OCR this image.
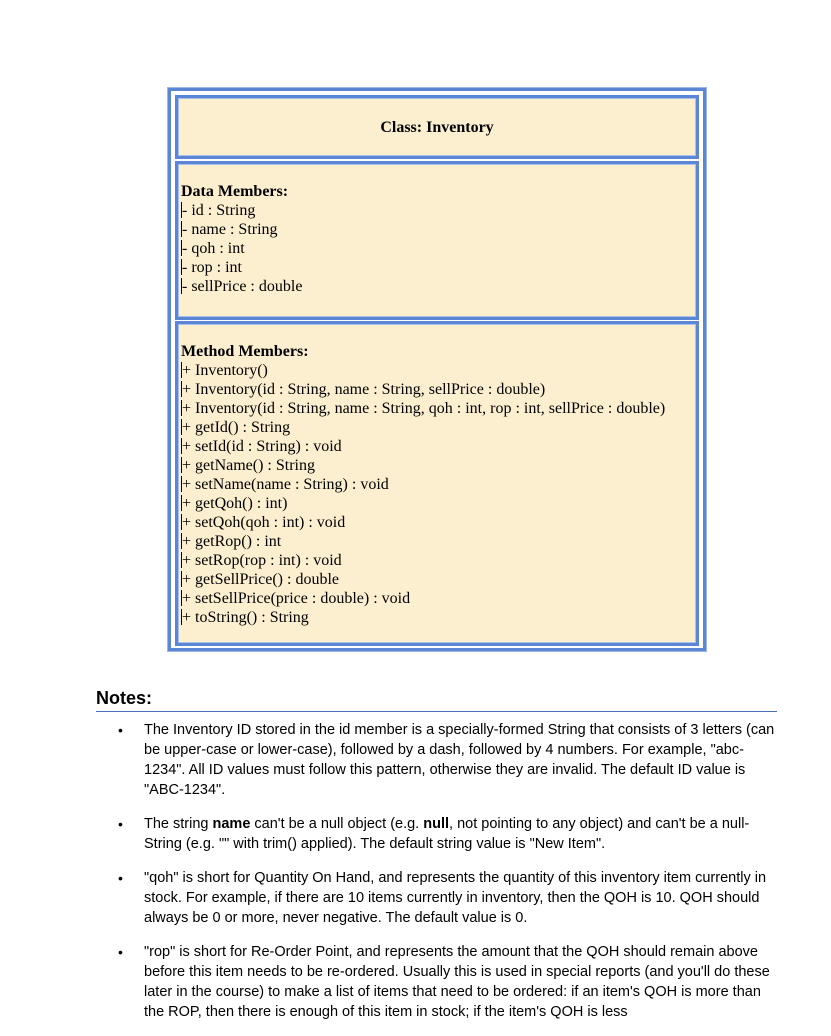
Class: Inventory
Data Members:
- id : String
- name : String
- qoh : int
- rop : int
- sellPrice : double
Method Members:
+ Inventory()
+ Inventory(id : String, name : String, sellPrice : double)
+ Inventory(id : String, name : String, qoh : int, rop : int, sellPrice : double)
+ getId() : String
+ setId(id : String) : void
+ getName() : String
+ setName(name : String) : void
+ getQoh() : int)
+ setQoh(qoh : int) : void
+ getRop() : int
+ setRop(rop : int) : void
+ getSellPrice() : double
+ setSellPrice(price : double) : void
+ toString() : String
Notes:
• The Inventory ID stored in the id member is a specially-formed String that consists of 3 letters (can be upper-case or lower-case), followed by a dash, followed by 4 numbers. For example, "abc-1234". All ID values must follow this pattern, otherwise they are invalid. The default ID value is "ABC-1234".
• The string name can't be a null object (e.g. null, not pointing to any object) and can't be a null-String (e.g. "" with trim() applied). The default string value is "New Item".
• "qoh" is short for Quantity On Hand, and represents the quantity of this inventory item currently in stock. For example, if there are 10 items currently in inventory, then the QOH is 10. QOH should always be 0 or more, never negative. The default value is 0.
• "rop" is short for Re-Order Point, and represents the amount that the QOH should remain above before this item needs to be re-ordered. Usually this is used in special reports (and you'll do these later in the course) to make a list of items that need to be ordered: if an item's QOH is more than the ROP, then there is enough of this item in stock; if the item's QOH is less
